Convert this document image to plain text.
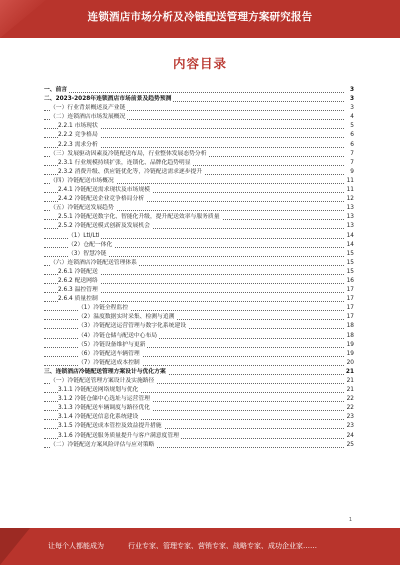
连锁酒店市场分析及冷链配送管理方案研究报告
内容目录
一、前言	3
二、2023-2028年连锁酒店市场前景及趋势预测	3
（一）行业背景概述及产业链	3
（二）连锁酒店市场发展概况	4
2.2.1 市场现状	5
2.2.2 竞争格局	6
2.2.3 需求分析	6
（三）发展驱动因素及冷链配送布局，行业整体发展态势分析	7
2.3.1 行业规模持续扩张，连锁化、品牌化趋势明显	7
2.3.2 消费升级、供应链优化等，冷链配送需求逐步提升	9
（四）冷链配送市场概况	11
2.4.1 冷链配送需求现状及市场规模	11
2.4.2 冷链配送企业竞争格局分析	12
（五）冷链配送发展趋势	13
2.5.1 冷链配送数字化、智能化升级，提升配送效率与服务质量	13
2.5.2 冷链配送模式创新及发展机会	13
（1）Ltl/Ltl	14
（2）仓配一体化	14
（3）智慧冷链	15
（六）连锁酒店冷链配送管理体系	15
2.6.1 冷链配送	15
2.6.2 配送网络	16
2.6.3 温控管理	17
2.6.4 质量控制	17
（1）冷链全程监控	17
（2）温度数据实时采集、检测与追溯	17
（3）冷链配送运营管理与数字化系统建设	18
（4）冷链仓储与配送中心布局	18
（5）冷链设备维护与更新	19
（6）冷链配送车辆管理	19
（7）冷链配送成本控制	20
三、连锁酒店冷链配送管理方案设计与优化方案	21
（一）冷链配送管理方案设计及实施路径	21
3.1.1 冷链配送网络规划与优化	21
3.1.2 冷链仓储中心选址与运营管理	22
3.1.3 冷链配送车辆调度与路径优化	22
3.1.4 冷链配送信息化系统建设	23
3.1.5 冷链配送成本管控及效益提升措施	23
3.1.6 冷链配送服务质量提升与客户满意度管理	24
（二）冷链配送方案风险评估与应对策略	25
1
让每个人都能成为	行业专家、管理专家、营销专家、战略专家、成功企业家……
